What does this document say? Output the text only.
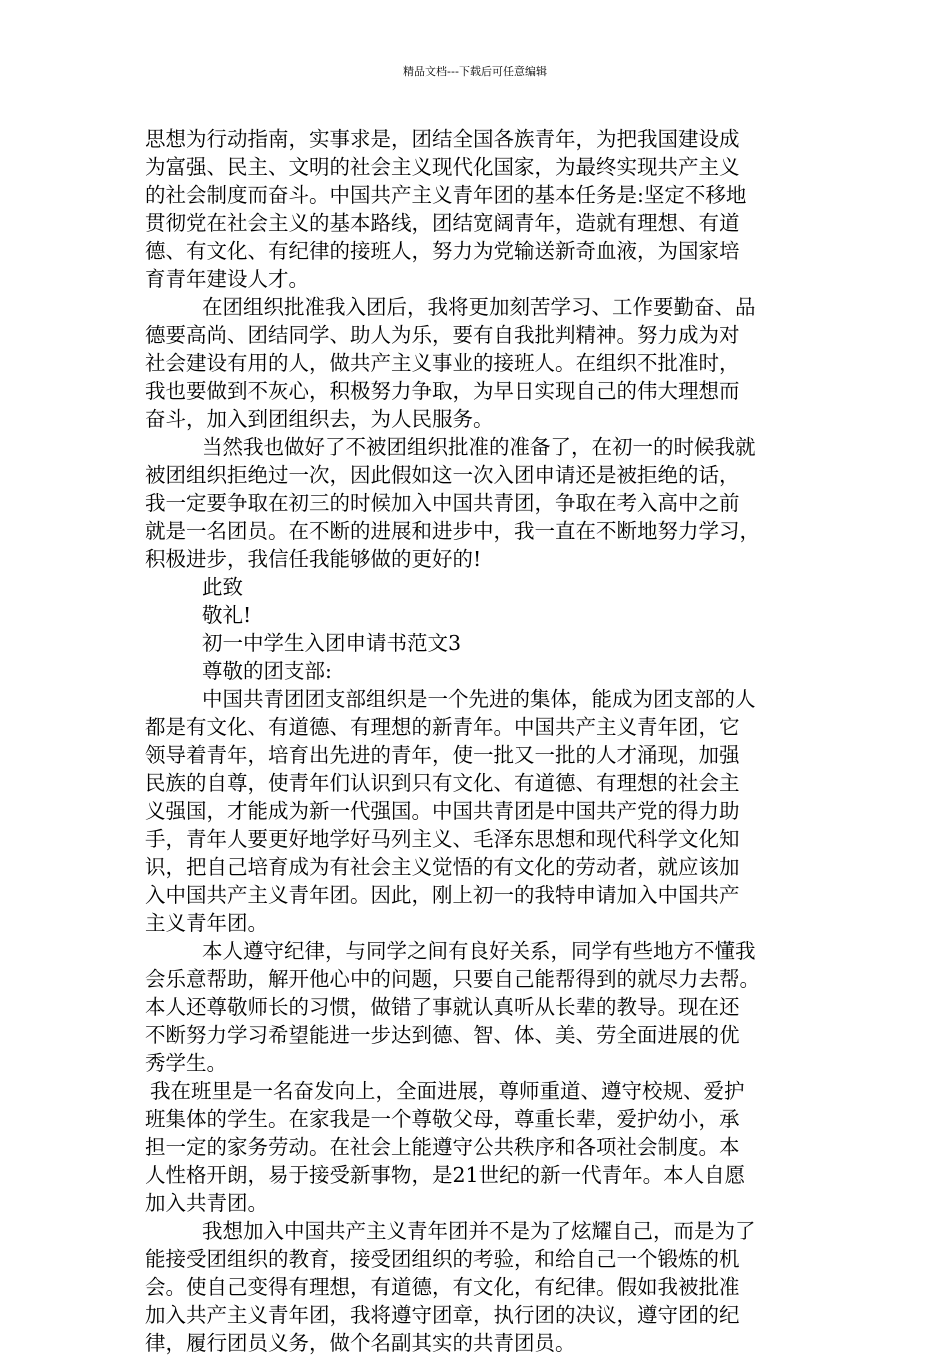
精品文档---下载后可任意编辑
思想为行动指南，实事求是，团结全国各族青年，为把我国建设成
为富强、民主、文明的社会主义现代化国家，为最终实现共产主义
的社会制度而奋斗。中国共产主义青年团的基本任务是:坚定不移地
贯彻党在社会主义的基本路线，团结宽阔青年，造就有理想、有道
德、有文化、有纪律的接班人，努力为党输送新奇血液，为国家培
育青年建设人才。
在团组织批准我入团后，我将更加刻苦学习、工作要勤奋、品
德要高尚、团结同学、助人为乐，要有自我批判精神。努力成为对
社会建设有用的人，做共产主义事业的接班人。在组织不批准时，
我也要做到不灰心，积极努力争取，为早日实现自己的伟大理想而
奋斗，加入到团组织去，为人民服务。
当然我也做好了不被团组织批准的准备了，在初一的时候我就
被团组织拒绝过一次，因此假如这一次入团申请还是被拒绝的话，
我一定要争取在初三的时候加入中国共青团，争取在考入高中之前
就是一名团员。在不断的进展和进步中，我一直在不断地努力学习，
积极进步，我信任我能够做的更好的!
此致
敬礼!
初一中学生入团申请书范文3
尊敬的团支部:
中国共青团团支部组织是一个先进的集体，能成为团支部的人
都是有文化、有道德、有理想的新青年。中国共产主义青年团，它
领导着青年，培育出先进的青年，使一批又一批的人才涌现，加强
民族的自尊，使青年们认识到只有文化、有道德、有理想的社会主
义强国，才能成为新一代强国。中国共青团是中国共产党的得力助
手，青年人要更好地学好马列主义、毛泽东思想和现代科学文化知
识，把自己培育成为有社会主义觉悟的有文化的劳动者，就应该加
入中国共产主义青年团。因此，刚上初一的我特申请加入中国共产
主义青年团。
本人遵守纪律，与同学之间有良好关系，同学有些地方不懂我
会乐意帮助，解开他心中的问题，只要自己能帮得到的就尽力去帮。
本人还尊敬师长的习惯，做错了事就认真听从长辈的教导。现在还
不断努力学习希望能进一步达到德、智、体、美、劳全面进展的优
秀学生。
我在班里是一名奋发向上，全面进展，尊师重道、遵守校规、爱护
班集体的学生。在家我是一个尊敬父母，尊重长辈，爱护幼小，承
担一定的家务劳动。在社会上能遵守公共秩序和各项社会制度。本
人性格开朗，易于接受新事物，是21世纪的新一代青年。本人自愿
加入共青团。
我想加入中国共产主义青年团并不是为了炫耀自己，而是为了
能接受团组织的教育，接受团组织的考验，和给自己一个锻炼的机
会。使自己变得有理想，有道德，有文化，有纪律。假如我被批准
加入共产主义青年团，我将遵守团章，执行团的决议，遵守团的纪
律，履行团员义务，做个名副其实的共青团员。
